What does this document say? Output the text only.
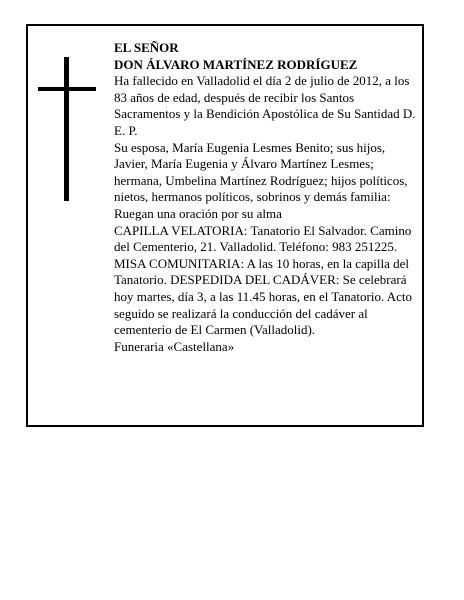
EL SEÑOR

DON ÁLVARO MARTÍNEZ RODRÍGUEZ

Ha fallecido en Valladolid el día 2 de julio de 2012, a los 83 años de edad, después de recibir los Santos Sacramentos y la Bendición Apostólica de Su Santidad D. E. P.

Su esposa, María Eugenia Lesmes Benito; sus hijos, Javier, María Eugenia y Álvaro Martínez Lesmes; hermana, Umbelina Martínez Rodríguez; hijos políticos, nietos, hermanos políticos, sobrinos y demás familia:

Ruegan una oración por su alma

CAPILLA VELATORIA: Tanatorio El Salvador. Camino del Cementerio, 21. Valladolid. Teléfono: 983 251225. MISA COMUNITARIA: A las 10 horas, en la capilla del Tanatorio. DESPEDIDA DEL CADÁVER: Se celebrará hoy martes, día 3, a las 11.45 horas, en el Tanatorio. Acto seguido se realizará la conducción del cadáver al cementerio de El Carmen (Valladolid).

Funeraria «Castellana»
